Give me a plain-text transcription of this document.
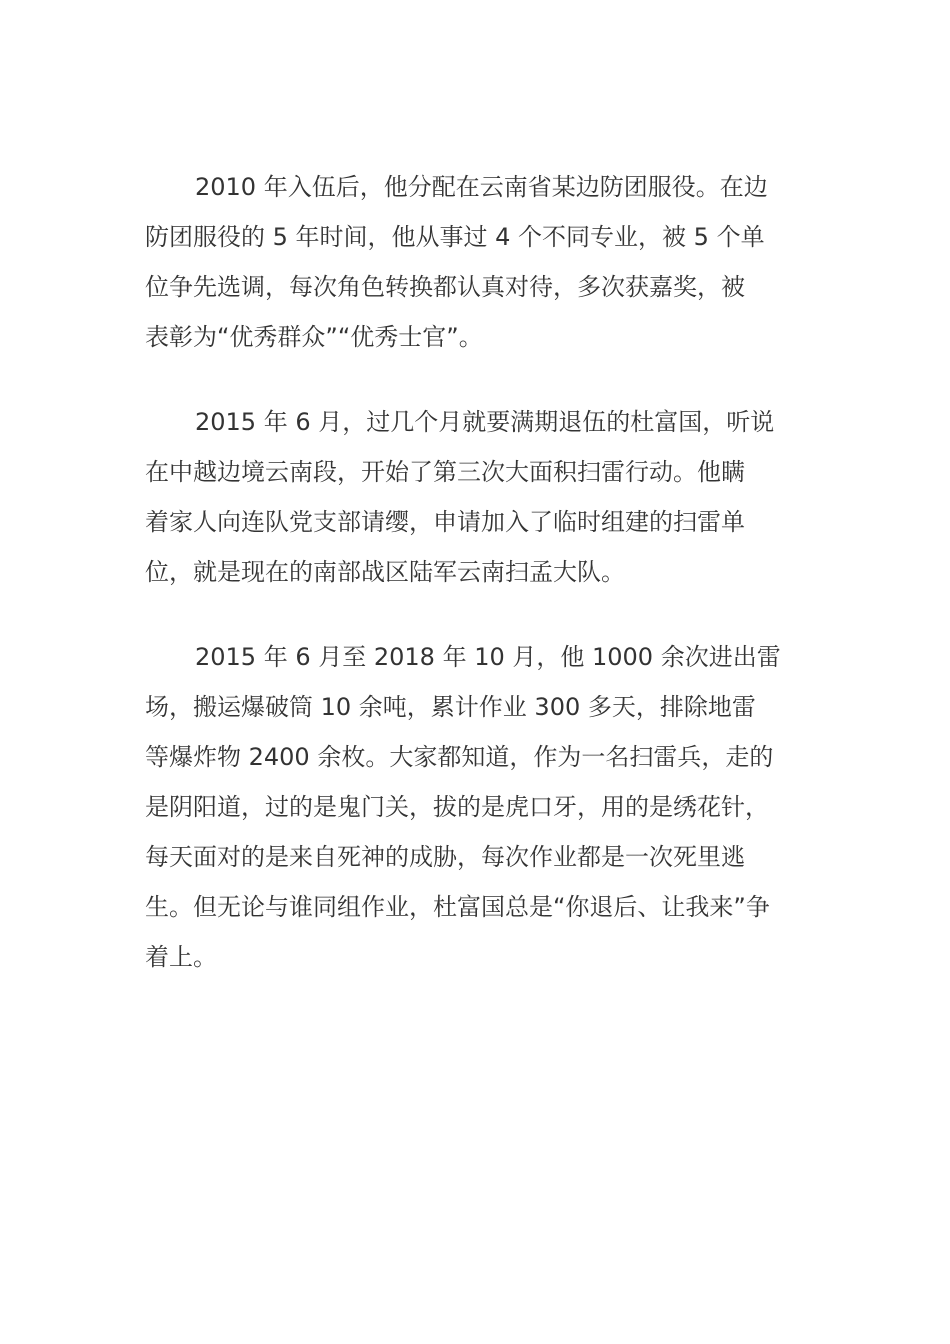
2010 年入伍后，他分配在云南省某边防团服役。在边
防团服役的 5 年时间，他从事过 4 个不同专业，被 5 个单
位争先选调，每次角色转换都认真对待，多次获嘉奖，被
表彰为“优秀群众”“优秀士官”。
2015 年 6 月，过几个月就要满期退伍的杜富国，听说
在中越边境云南段，开始了第三次大面积扫雷行动。他瞒
着家人向连队党支部请缨，申请加入了临时组建的扫雷单
位，就是现在的南部战区陆军云南扫孟大队。
2015 年 6 月至 2018 年 10 月，他 1000 余次进出雷
场，搬运爆破筒 10 余吨，累计作业 300 多天，排除地雷
等爆炸物 2400 余枚。大家都知道，作为一名扫雷兵，走的
是阴阳道，过的是鬼门关，拔的是虎口牙，用的是绣花针，
每天面对的是来自死神的成胁，每次作业都是一次死里逃
生。但无论与谁同组作业，杜富国总是“你退后、让我来”争
着上。
